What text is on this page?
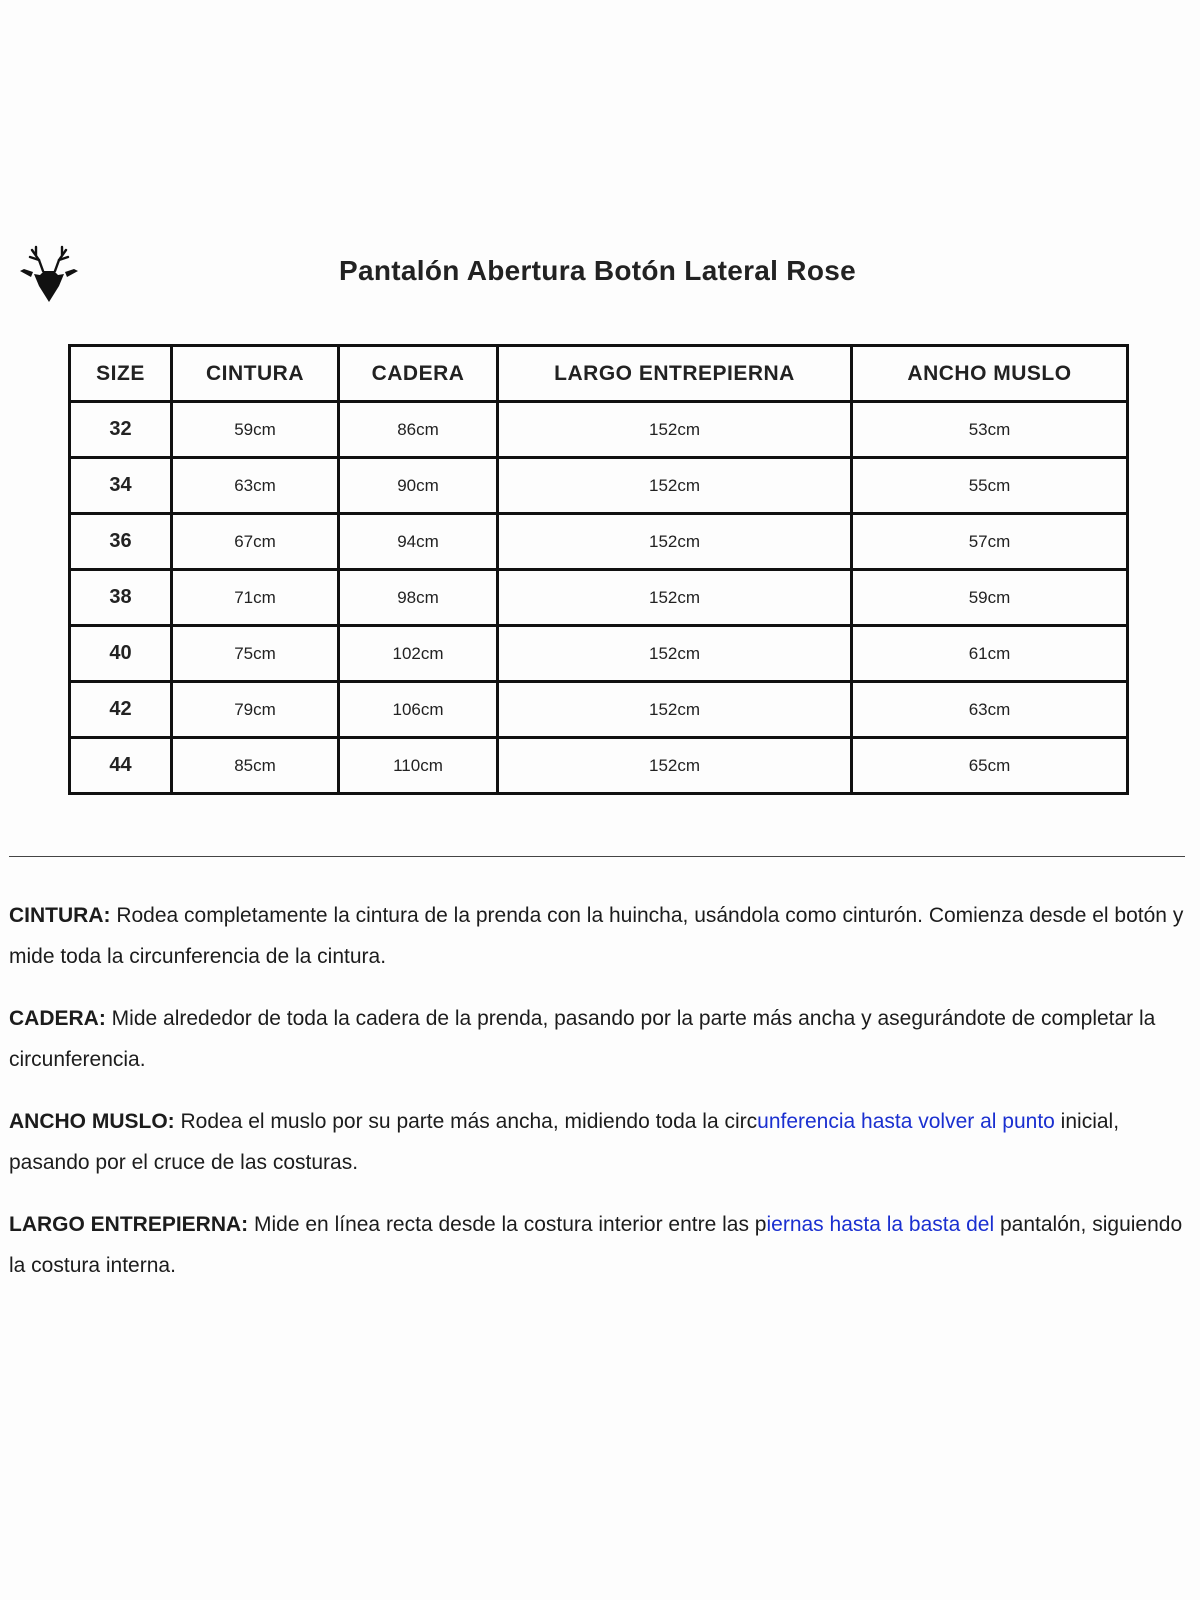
Pantalón Abertura Botón Lateral Rose
SIZE	CINTURA	CADERA	LARGO ENTREPIERNA	ANCHO MUSLO
32	59cm	86cm	152cm	53cm
34	63cm	90cm	152cm	55cm
36	67cm	94cm	152cm	57cm
38	71cm	98cm	152cm	59cm
40	75cm	102cm	152cm	61cm
42	79cm	106cm	152cm	63cm
44	85cm	110cm	152cm	65cm

CINTURA: Rodea completamente la cintura de la prenda con la huincha, usándola como cinturón. Comienza desde el botón y mide toda la circunferencia de la cintura.

CADERA: Mide alrededor de toda la cadera de la prenda, pasando por la parte más ancha y asegurándote de completar la circunferencia.

ANCHO MUSLO: Rodea el muslo por su parte más ancha, midiendo toda la circunferencia hasta volver al punto inicial, pasando por el cruce de las costuras.

LARGO ENTREPIERNA: Mide en línea recta desde la costura interior entre las piernas hasta la basta del pantalón, siguiendo la costura interna.
